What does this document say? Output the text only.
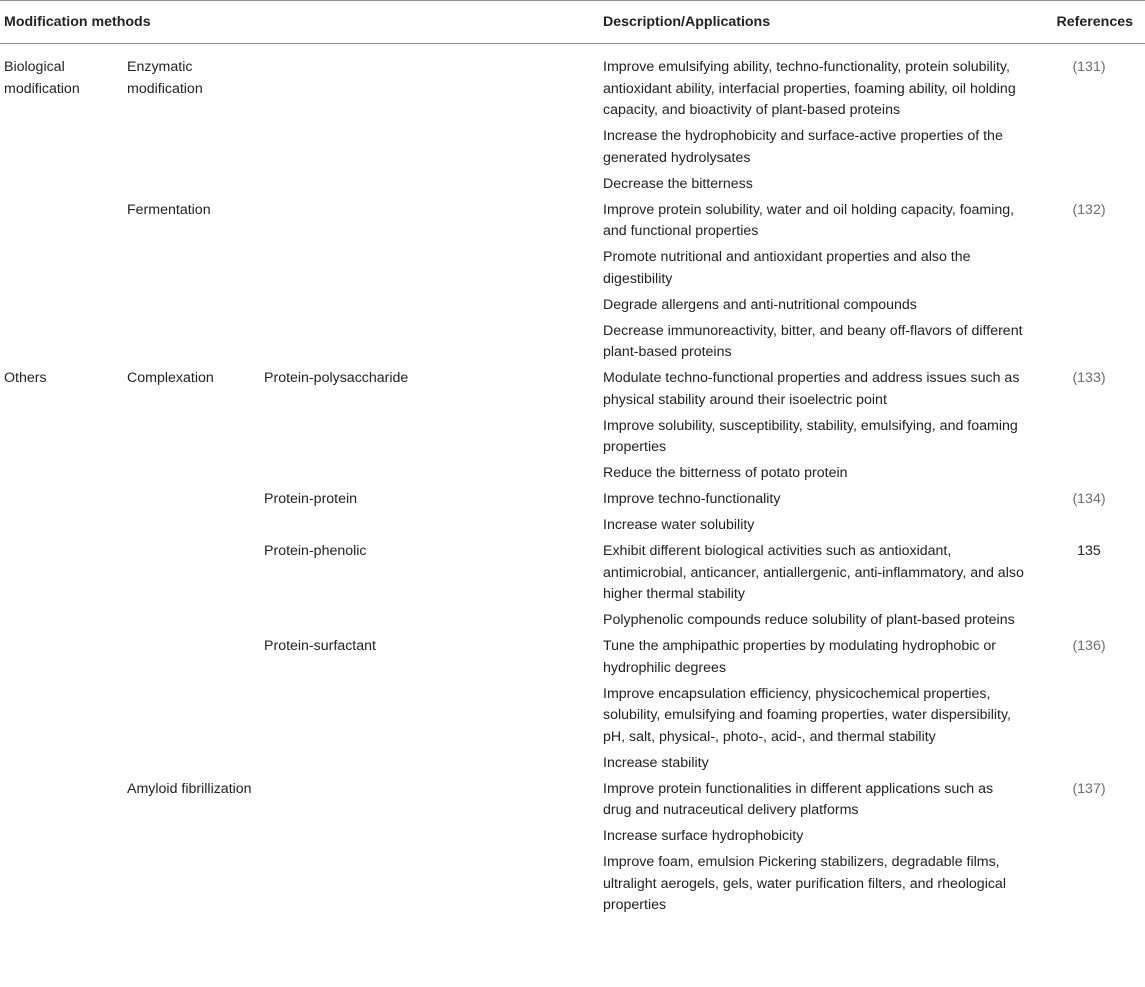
Modification methods			Description/Applications	References
Biological modification	Enzymatic modification		Improve emulsifying ability, techno-functionality, protein solubility, antioxidant ability, interfacial properties, foaming ability, oil holding capacity, and bioactivity of plant-based proteins	(131)
			Increase the hydrophobicity and surface-active properties of the generated hydrolysates	
			Decrease the bitterness	
	Fermentation		Improve protein solubility, water and oil holding capacity, foaming, and functional properties	(132)
			Promote nutritional and antioxidant properties and also the digestibility	
			Degrade allergens and anti-nutritional compounds	
			Decrease immunoreactivity, bitter, and beany off-flavors of different plant-based proteins	
Others	Complexation	Protein-polysaccharide	Modulate techno-functional properties and address issues such as physical stability around their isoelectric point	(133)
			Improve solubility, susceptibility, stability, emulsifying, and foaming properties	
			Reduce the bitterness of potato protein	
		Protein-protein	Improve techno-functionality	(134)
			Increase water solubility	
		Protein-phenolic	Exhibit different biological activities such as antioxidant, antimicrobial, anticancer, antiallergenic, anti-inflammatory, and also higher thermal stability	135
			Polyphenolic compounds reduce solubility of plant-based proteins	
		Protein-surfactant	Tune the amphipathic properties by modulating hydrophobic or hydrophilic degrees	(136)
			Improve encapsulation efficiency, physicochemical properties, solubility, emulsifying and foaming properties, water dispersibility, pH, salt, physical-, photo-, acid-, and thermal stability	
			Increase stability	
	Amyloid fibrillization		Improve protein functionalities in different applications such as drug and nutraceutical delivery platforms	(137)
			Increase surface hydrophobicity	
			Improve foam, emulsion Pickering stabilizers, degradable films, ultralight aerogels, gels, water purification filters, and rheological properties	
